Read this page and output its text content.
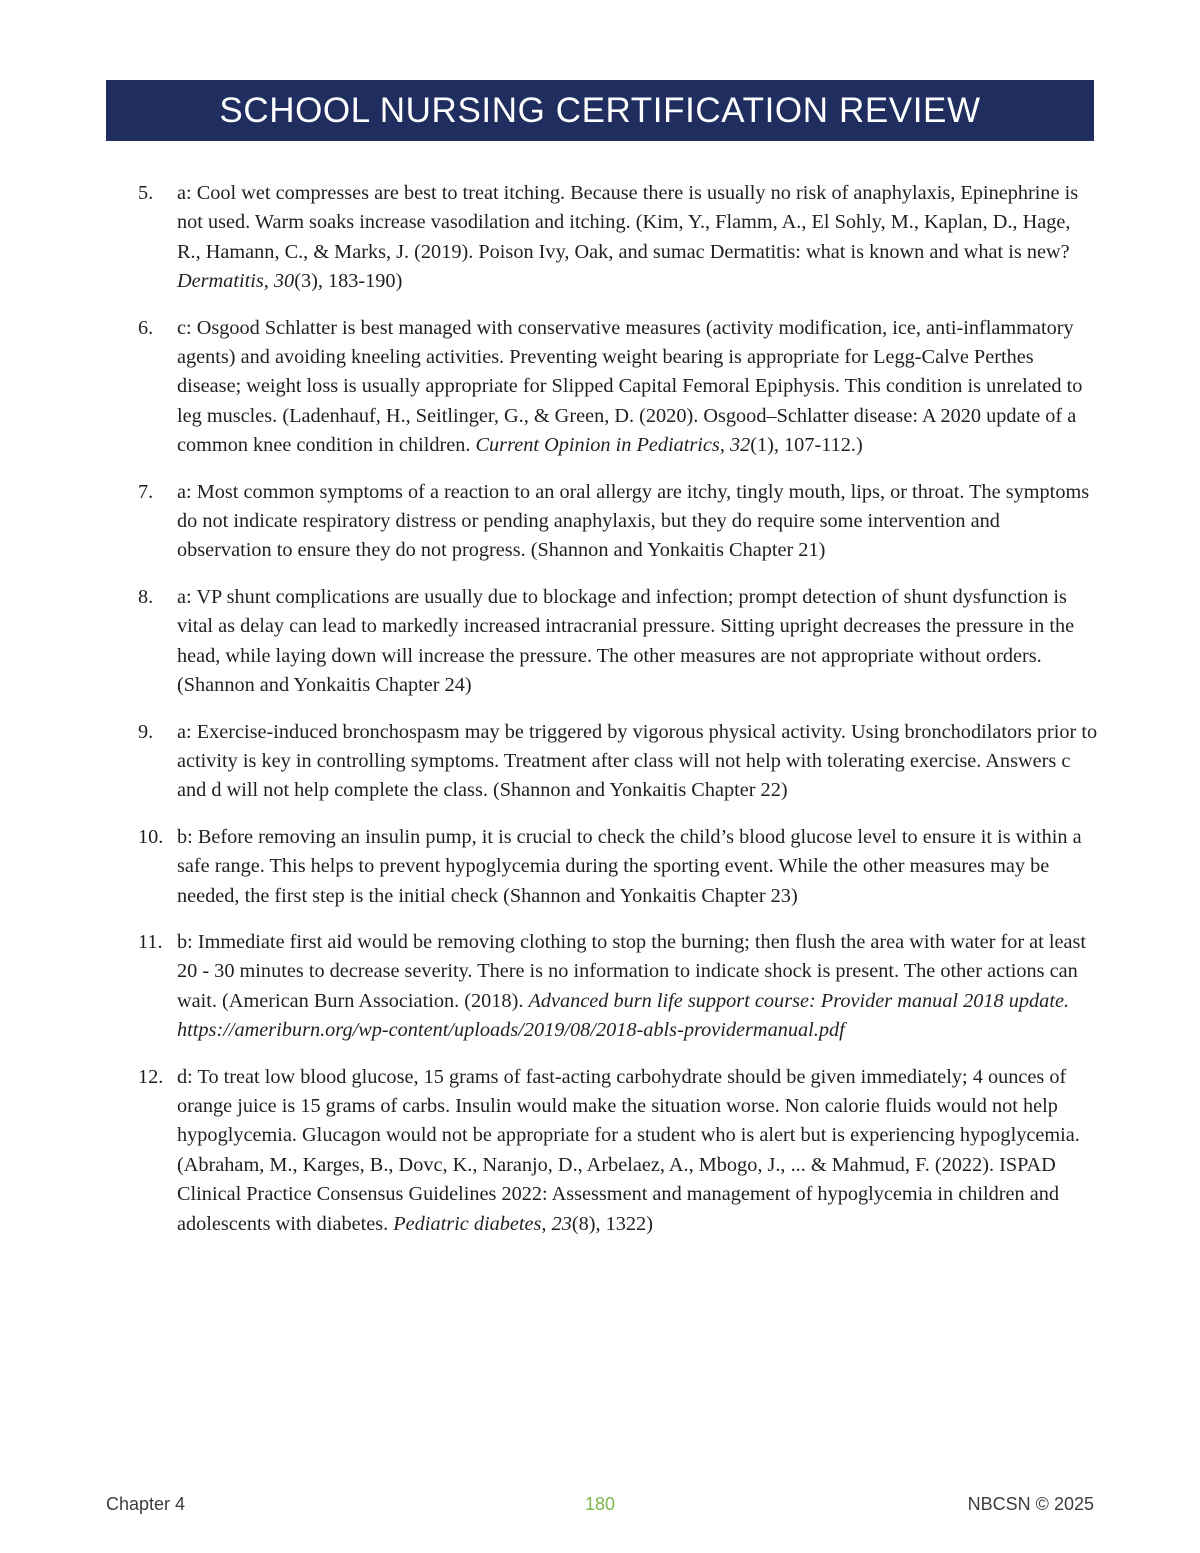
SCHOOL NURSING CERTIFICATION REVIEW
5.	a: Cool wet compresses are best to treat itching. Because there is usually no risk of anaphylaxis, Epinephrine is not used. Warm soaks increase vasodilation and itching. (Kim, Y., Flamm, A., El Sohly, M., Kaplan, D., Hage, R., Hamann, C., & Marks, J. (2019). Poison Ivy, Oak, and sumac Dermatitis: what is known and what is new? Dermatitis, 30(3), 183-190)
6.	c: Osgood Schlatter is best managed with conservative measures (activity modification, ice, anti-inflammatory agents) and avoiding kneeling activities. Preventing weight bearing is appropriate for Legg-Calve Perthes disease; weight loss is usually appropriate for Slipped Capital Femoral Epiphysis. This condition is unrelated to leg muscles. (Ladenhauf, H., Seitlinger, G., & Green, D. (2020). Osgood–Schlatter disease: A 2020 update of a common knee condition in children. Current Opinion in Pediatrics, 32(1), 107-112.)
7.	a: Most common symptoms of a reaction to an oral allergy are itchy, tingly mouth, lips, or throat. The symptoms do not indicate respiratory distress or pending anaphylaxis, but they do require some intervention and observation to ensure they do not progress. (Shannon and Yonkaitis Chapter 21)
8.	a: VP shunt complications are usually due to blockage and infection; prompt detection of shunt dysfunction is vital as delay can lead to markedly increased intracranial pressure. Sitting upright decreases the pressure in the head, while laying down will increase the pressure. The other measures are not appropriate without orders. (Shannon and Yonkaitis Chapter 24)
9.	a: Exercise-induced bronchospasm may be triggered by vigorous physical activity. Using bronchodilators prior to activity is key in controlling symptoms. Treatment after class will not help with tolerating exercise. Answers c and d will not help complete the class. (Shannon and Yonkaitis Chapter 22)
10. b: Before removing an insulin pump, it is crucial to check the child’s blood glucose level to ensure it is within a safe range. This helps to prevent hypoglycemia during the sporting event. While the other measures may be needed, the first step is the initial check (Shannon and Yonkaitis Chapter 23)
11. b: Immediate first aid would be removing clothing to stop the burning; then flush the area with water for at least 20 - 30 minutes to decrease severity. There is no information to indicate shock is present. The other actions can wait. (American Burn Association. (2018). Advanced burn life support course: Provider manual 2018 update. https://ameriburn.org/wp-content/uploads/2019/08/2018-abls-providermanual.pdf
12. d: To treat low blood glucose, 15 grams of fast-acting carbohydrate should be given immediately; 4 ounces of orange juice is 15 grams of carbs. Insulin would make the situation worse. Non calorie fluids would not help hypoglycemia. Glucagon would not be appropriate for a student who is alert but is experiencing hypoglycemia. (Abraham, M., Karges, B., Dovc, K., Naranjo, D., Arbelaez, A., Mbogo, J., ... & Mahmud, F. (2022). ISPAD Clinical Practice Consensus Guidelines 2022: Assessment and management of hypoglycemia in children and adolescents with diabetes. Pediatric diabetes, 23(8), 1322)
Chapter 4	180	NBCSN © 2025
